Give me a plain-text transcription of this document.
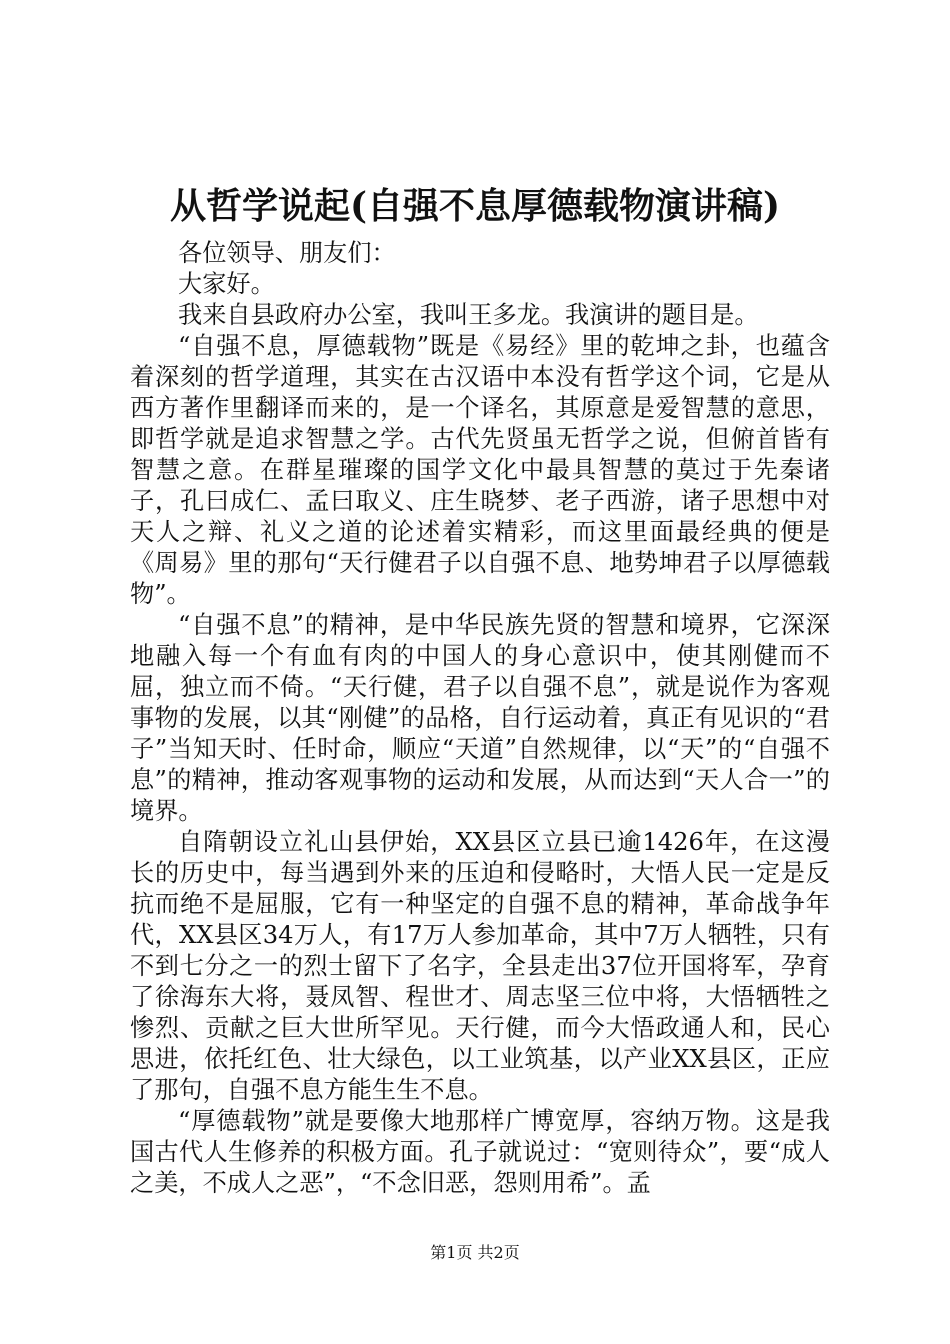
从哲学说起(自强不息厚德载物演讲稿)

各位领导、朋友们：

大家好。

我来自县政府办公室，我叫王多龙。我演讲的题目是。

“自强不息，厚德载物”既是《易经》里的乾坤之卦，也蕴含着深刻的哲学道理，其实在古汉语中本没有哲学这个词，它是从西方著作里翻译而来的，是一个译名，其原意是爱智慧的意思，即哲学就是追求智慧之学。古代先贤虽无哲学之说，但俯首皆有智慧之意。在群星璀璨的国学文化中最具智慧的莫过于先秦诸子，孔曰成仁、孟曰取义、庄生晓梦、老子西游，诸子思想中对天人之辩、礼义之道的论述着实精彩，而这里面最经典的便是《周易》里的那句“天行健君子以自强不息、地势坤君子以厚德载物”。

“自强不息”的精神，是中华民族先贤的智慧和境界，它深深地融入每一个有血有肉的中国人的身心意识中，使其刚健而不屈，独立而不倚。“天行健，君子以自强不息”，就是说作为客观事物的发展，以其“刚健”的品格，自行运动着，真正有见识的“君子”当知天时、任时命，顺应“天道”自然规律，以“天”的“自强不息”的精神，推动客观事物的运动和发展，从而达到“天人合一”的境界。

自隋朝设立礼山县伊始，XX县区立县已逾1426年，在这漫长的历史中，每当遇到外来的压迫和侵略时，大悟人民一定是反抗而绝不是屈服，它有一种坚定的自强不息的精神，革命战争年代，XX县区34万人，有17万人参加革命，其中7万人牺牲，只有不到七分之一的烈士留下了名字，全县走出37位开国将军，孕育了徐海东大将，聂凤智、程世才、周志坚三位中将，大悟牺牲之惨烈、贡献之巨大世所罕见。天行健，而今大悟政通人和，民心思进，依托红色、壮大绿色，以工业筑基，以产业XX县区，正应了那句，自强不息方能生生不息。

“厚德载物”就是要像大地那样广博宽厚，容纳万物。这是我国古代人生修养的积极方面。孔子就说过：“宽则待众”，要“成人之美，不成人之恶”，“不念旧恶，怨则用希”。孟

第1页 共2页
